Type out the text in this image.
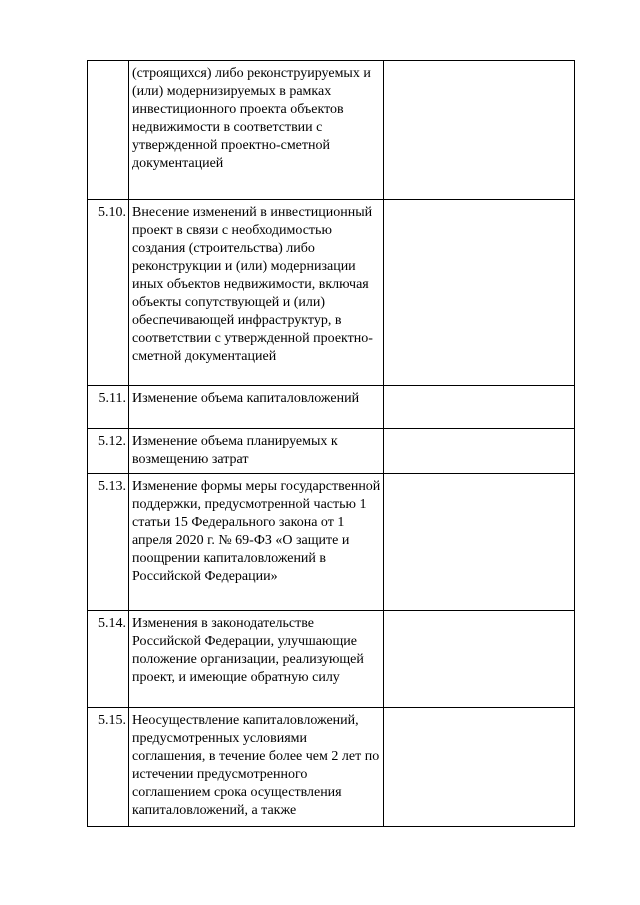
	(строящихся) либо реконструируемых и (или) модернизируемых в рамках инвестиционного проекта объектов недвижимости в соответствии с утвержденной проектно-сметной документацией	
5.10.	Внесение изменений в инвестиционный проект в связи с необходимостью создания (строительства) либо реконструкции и (или) модернизации иных объектов недвижимости, включая объекты сопутствующей и (или) обеспечивающей инфраструктур, в соответствии с утвержденной проектно-сметной документацией	
5.11.	Изменение объема капиталовложений	
5.12.	Изменение объема планируемых к возмещению затрат	
5.13.	Изменение формы меры государственной поддержки, предусмотренной частью 1 статьи 15 Федерального закона от 1 апреля 2020 г. № 69-ФЗ «О защите и поощрении капиталовложений в Российской Федерации»	
5.14.	Изменения в законодательстве Российской Федерации, улучшающие положение организации, реализующей проект, и имеющие обратную силу	
5.15.	Неосуществление капиталовложений, предусмотренных условиями соглашения, в течение более чем 2 лет по истечении предусмотренного соглашением срока осуществления капиталовложений, а также	
